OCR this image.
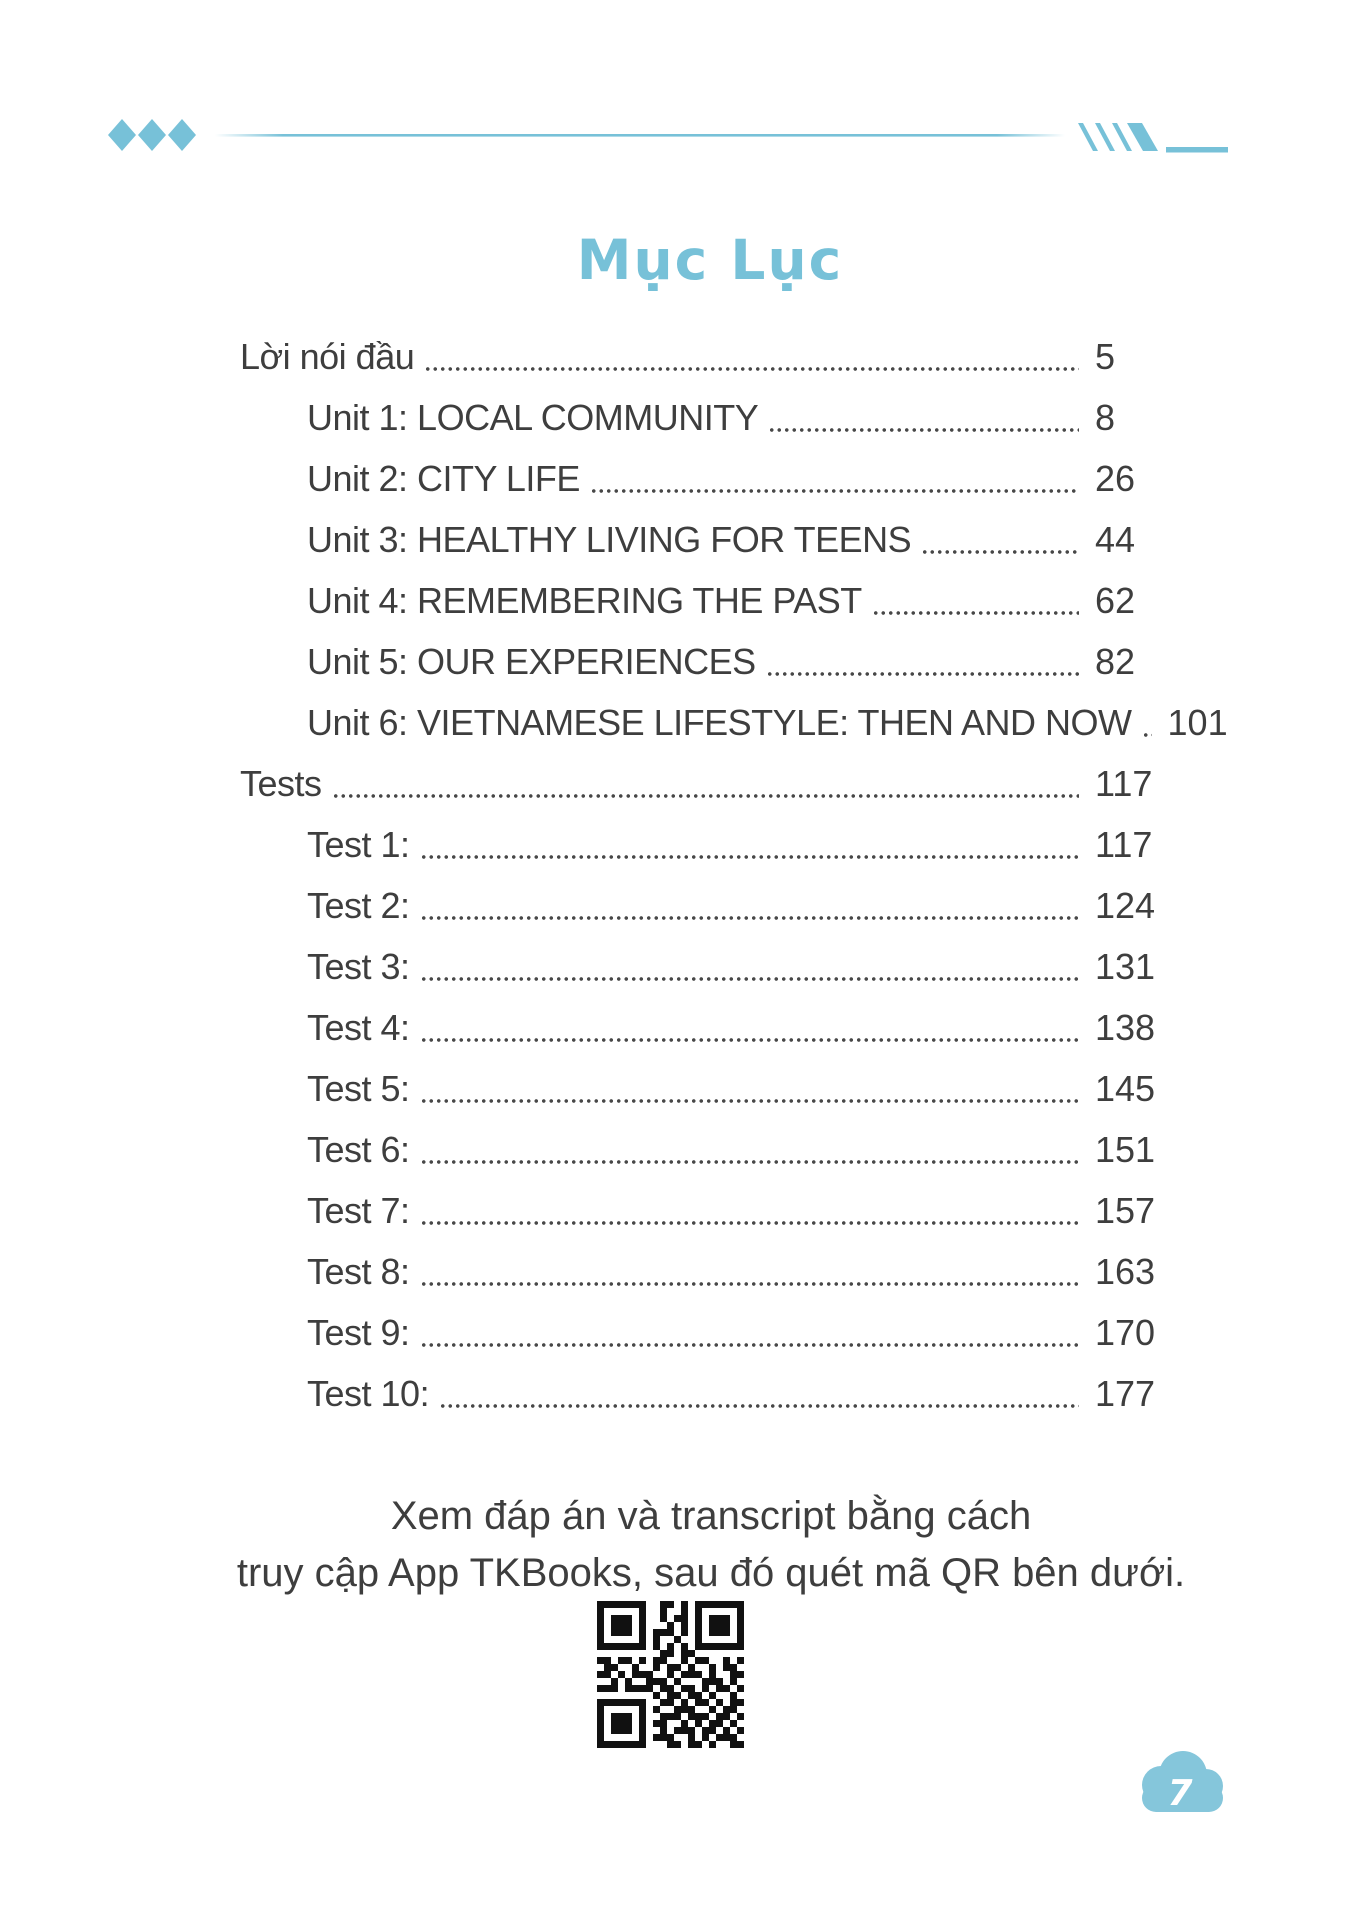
Mục Lục
Lời nói đầu	5
Unit 1: LOCAL COMMUNITY	8
Unit 2: CITY LIFE	26
Unit 3: HEALTHY LIVING FOR TEENS	44
Unit 4: REMEMBERING THE PAST	62
Unit 5: OUR EXPERIENCES	82
Unit 6: VIETNAMESE LIFESTYLE: THEN AND NOW 101
Tests	117
Test 1:	117
Test 2:	124
Test 3:	131
Test 4:	138
Test 5:	145
Test 6:	151
Test 7:	157
Test 8:	163
Test 9:	170
Test 10:	177
Xem đáp án và transcript bằng cách
truy cập App TKBooks, sau đó quét mã QR bên dưới.
7
